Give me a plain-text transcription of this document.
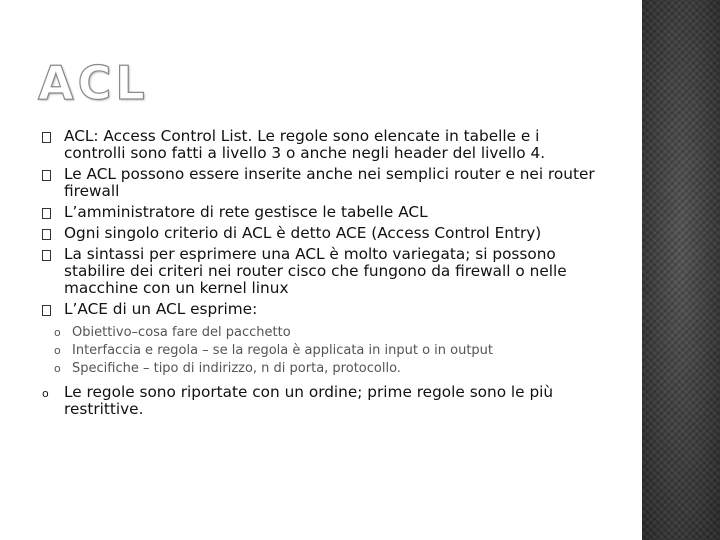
ACL
ACL: Access Control List. Le regole sono elencate in tabelle e i controlli sono fatti a livello 3 o anche negli header del livello 4.
Le ACL possono essere inserite anche nei semplici router e nei router firewall
L’amministratore di rete gestisce le tabelle ACL
Ogni singolo criterio di ACL è detto ACE (Access Control Entry)
La sintassi per esprimere una ACL è molto variegata; si possono stabilire dei criteri nei router cisco che fungono da firewall o nelle macchine con un kernel linux
L’ACE di un ACL esprime:
o Obiettivo–cosa fare del pacchetto
o Interfaccia e regola – se la regola è applicata in input o in output
o Specifiche – tipo di indirizzo, n di porta, protocollo.
o Le regole sono riportate con un ordine; prime regole sono le più restrittive.
